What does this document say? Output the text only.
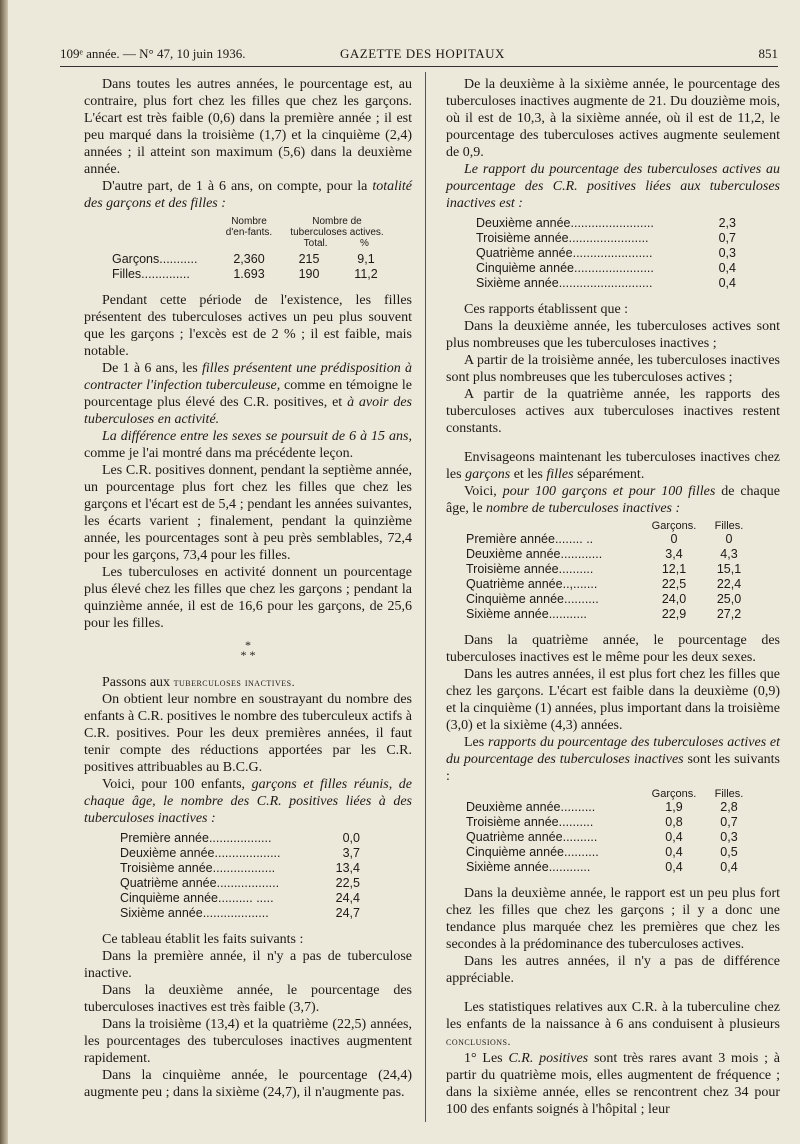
109ᵉ année. — N° 47, 10 juin 1936.	GAZETTE DES HOPITAUX	851

Dans toutes les autres années, le pourcentage est, au contraire, plus fort chez les filles que chez les garçons. L'écart est très faible (0,6) dans la première année ; il est peu marqué dans la troisième (1,7) et la cinquième (2,4) années ; il atteint son maximum (5,6) dans la deuxième année.

D'autre part, de 1 à 6 ans, on compte, pour la totalité des garçons et des filles :

Nombre d'en-fants.
Nombre de tuberculoses actives.
Total.	%
Garçons...........	2,360	215	9,1
Filles..............	1.693	190	11,2

Pendant cette période de l'existence, les filles présentent des tuberculoses actives un peu plus souvent que les garçons ; l'excès est de 2 % ; il est faible, mais notable.

De 1 à 6 ans, les filles présentent une prédisposition à contracter l'infection tuberculeuse, comme en témoigne le pourcentage plus élevé des C.R. positives, et à avoir des tuberculoses en activité.

La différence entre les sexes se poursuit de 6 à 15 ans, comme je l'ai montré dans ma précédente leçon.

Les C.R. positives donnent, pendant la septième année, un pourcentage plus fort chez les filles que chez les garçons et l'écart est de 5,4 ; pendant les années suivantes, les écarts varient ; finalement, pendant la quinzième année, les pourcentages sont à peu près semblables, 72,4 pour les garçons, 73,4 pour les filles.

Les tuberculoses en activité donnent un pourcentage plus élevé chez les filles que chez les garçons ; pendant la quinzième année, il est de 16,6 pour les garçons, de 25,6 pour les filles.

*
* *

Passons aux tuberculoses inactives.

On obtient leur nombre en soustrayant du nombre des enfants à C.R. positives le nombre des tuberculeux actifs à C.R. positives. Pour les deux premières années, il faut tenir compte des réductions apportées par les C.R. positives attribuables au B.C.G.

Voici, pour 100 enfants, garçons et filles réunis, de chaque âge, le nombre des C.R. positives liées à des tuberculoses inactives :

Première année..................	0,0
Deuxième année...................	3,7
Troisième année..................	13,4
Quatrième année..................	22,5
Cinquième année.......... .....	24,4
Sixième année...................	24,7

Ce tableau établit les faits suivants :

Dans la première année, il n'y a pas de tuberculose inactive.

Dans la deuxième année, le pourcentage des tuberculoses inactives est très faible (3,7).

Dans la troisième (13,4) et la quatrième (22,5) années, les pourcentages des tuberculoses inactives augmentent rapidement.

Dans la cinquième année, le pourcentage (24,4) augmente peu ; dans la sixième (24,7), il n'augmente pas.

De la deuxième à la sixième année, le pourcentage des tuberculoses inactives augmente de 21. Du douzième mois, où il est de 10,3, à la sixième année, où il est de 11,2, le pourcentage des tuberculoses actives augmente seulement de 0,9.

Le rapport du pourcentage des tuberculoses actives au pourcentage des C.R. positives liées aux tuberculoses inactives est :

Deuxième année........................	2,3
Troisième année.......................	0,7
Quatrième année.......................	0,3
Cinquième année.......................	0,4
Sixième année...........................	0,4

Ces rapports établissent que :

Dans la deuxième année, les tuberculoses actives sont plus nombreuses que les tuberculoses inactives ;

A partir de la troisième année, les tuberculoses inactives sont plus nombreuses que les tuberculoses actives ;

A partir de la quatrième année, les rapports des tuberculoses actives aux tuberculoses inactives restent constants.

Envisageons maintenant les tuberculoses inactives chez les garçons et les filles séparément.

Voici, pour 100 garçons et pour 100 filles de chaque âge, le nombre de tuberculoses inactives :

Garçons.	Filles.
Première année........ ..	0	0
Deuxième année............	3,4	4,3
Troisième année..........	12,1	15,1
Quatrième année..,.......	22,5	22,4
Cinquième année..........	24,0	25,0
Sixième année...........	22,9	27,2

Dans la quatrième année, le pourcentage des tuberculoses inactives est le même pour les deux sexes.

Dans les autres années, il est plus fort chez les filles que chez les garçons. L'écart est faible dans la deuxième (0,9) et la cinquième (1) années, plus important dans la troisième (3,0) et la sixième (4,3) années.

Les rapports du pourcentage des tuberculoses actives et du pourcentage des tuberculoses inactives sont les suivants :

Garçons.	Filles.
Deuxième année..........	1,9	2,8
Troisième année..........	0,8	0,7
Quatrième année..........	0,4	0,3
Cinquième année..........	0,4	0,5
Sixième année............	0,4	0,4

Dans la deuxième année, le rapport est un peu plus fort chez les filles que chez les garçons ; il y a donc une tendance plus marquée chez les premières que chez les secondes à la prédominance des tuberculoses actives.

Dans les autres années, il n'y a pas de différence appréciable.

Les statistiques relatives aux C.R. à la tuberculine chez les enfants de la naissance à 6 ans conduisent à plusieurs conclusions.

1° Les C.R. positives sont très rares avant 3 mois ; à partir du quatrième mois, elles augmentent de fréquence ; dans la sixième année, elles se rencontrent chez 34 pour 100 des enfants soignés à l'hôpital ; leur
